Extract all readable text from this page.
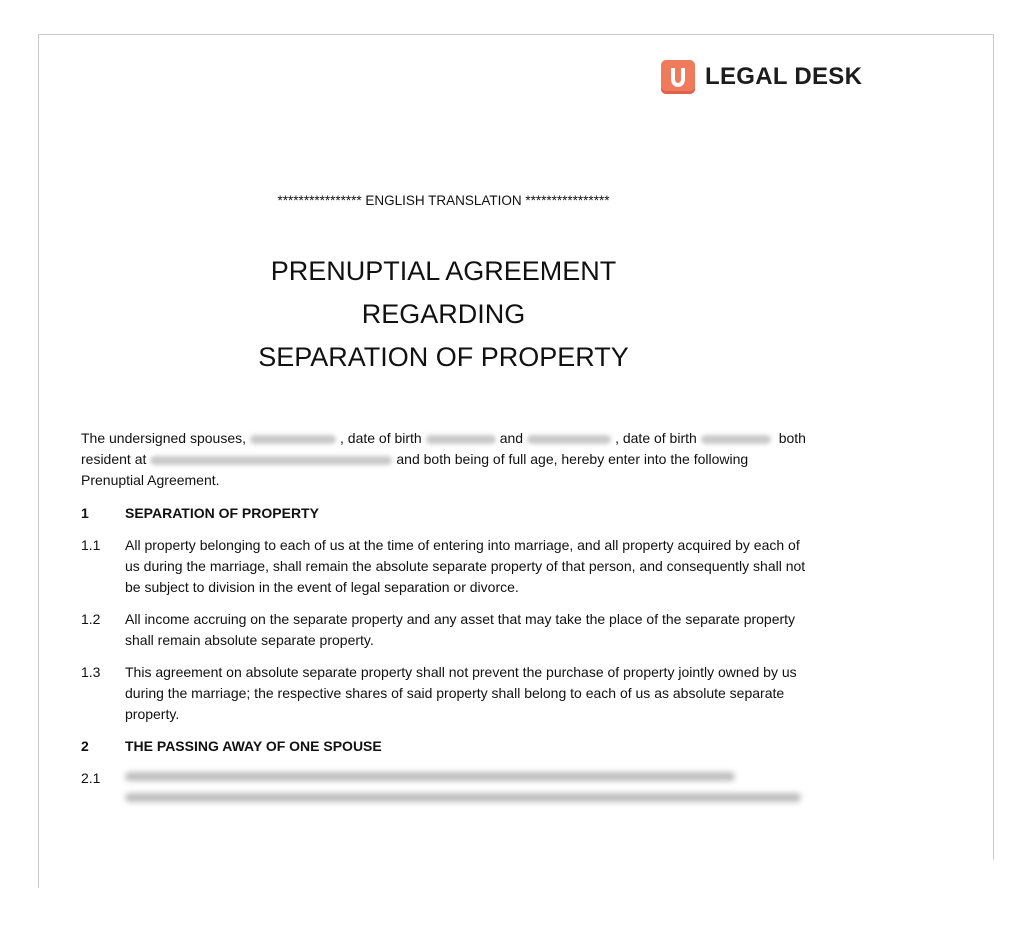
LEGAL DESK
**************** ENGLISH TRANSLATION ****************
PRENUPTIAL AGREEMENT
REGARDING
SEPARATION OF PROPERTY

The undersigned spouses,	, date of birth	and	, date of birth	both resident at	and both being of full age, hereby enter into the following Prenuptial Agreement.

1	SEPARATION OF PROPERTY
1.1	All property belonging to each of us at the time of entering into marriage, and all property acquired by each of us during the marriage, shall remain the absolute separate property of that person, and consequently shall not be subject to division in the event of legal separation or divorce.
1.2	All income accruing on the separate property and any asset that may take the place of the separate property shall remain absolute separate property.
1.3	This agreement on absolute separate property shall not prevent the purchase of property jointly owned by us during the marriage; the respective shares of said property shall belong to each of us as absolute separate property.
2	THE PASSING AWAY OF ONE SPOUSE
2.1
